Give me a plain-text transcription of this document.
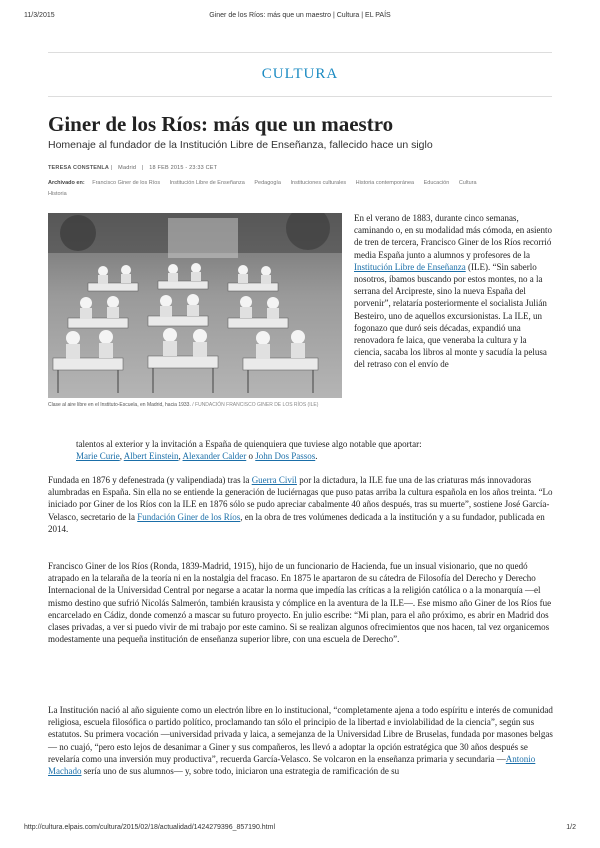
11/3/2015	Giner de los Ríos: más que un maestro | Cultura | EL PAÍS
CULTURA
Giner de los Ríos: más que un maestro
Homenaje al fundador de la Institución Libre de Enseñanza, fallecido hace un siglo
TERESA CONSTENLA | Madrid | 18 FEB 2015 - 23:33 CET
Archivado en: Francisco Giner de los Ríos Institución Libre de Enseñanza Pedagogía Instituciones culturales Historia contemporánea Educación Cultura
Historia
Clase al aire libre en el Instituto-Escuela, en Madrid, hacia 1933. / FUNDACIÓN FRANCISCO GINER DE LOS RÍOS (ILE)
En el verano de 1883, durante cinco semanas, caminando o, en su modalidad más cómoda, en asiento de tren de tercera, Francisco Giner de los Ríos recorrió media España junto a alumnos y profesores de la Institución Libre de Enseñanza (ILE). “Sin saberlo nosotros, íbamos buscando por estos montes, no a la serrana del Arcipreste, sino la nueva España del porvenir”, relataría posteriormente el socialista Julián Besteiro, uno de aquellos excursionistas. La ILE, un fogonazo que duró seis décadas, expandió una renovadora fe laica, que veneraba la cultura y la ciencia, sacaba los libros al monte y sacudía la pelusa del retraso con el envío de
talentos al exterior y la invitación a España de quienquiera que tuviese algo notable que aportar:
Marie Curie, Albert Einstein, Alexander Calder o John Dos Passos.
Fundada en 1876 y defenestrada (y valipendiada) tras la Guerra Civil por la dictadura, la ILE fue una de las criaturas más innovadoras alumbradas en España. Sin ella no se entiende la generación de luciérnagas que puso patas arriba la cultura española en los años treinta. “Lo iniciado por Giner de los Ríos con la ILE en 1876 sólo se pudo apreciar cabalmente 40 años después, tras su muerte”, sostiene José García-Velasco, secretario de la Fundación Giner de los Ríos, en la obra de tres volúmenes dedicada a la institución y a su fundador, publicada en 2014.
Francisco Giner de los Ríos (Ronda, 1839-Madrid, 1915), hijo de un funcionario de Hacienda, fue un insual visionario, que no quedó atrapado en la telaraña de la teoría ni en la nostalgia del fracaso. En 1875 le apartaron de su cátedra de Filosofía del Derecho y Derecho Internacional de la Universidad Central por negarse a acatar la norma que impedía las críticas a la religión católica o a la monarquía —el mismo destino que sufrió Nicolás Salmerón, también krausista y cómplice en la aventura de la ILE—. Ese mismo año Giner de los Ríos fue encarcelado en Cádiz, donde comenzó a mascar su futuro proyecto. En julio escribe: “Mi plan, para el año próximo, es abrir en Madrid dos clases privadas, a ver si puedo vivir de mi trabajo por este camino. Si se realizan algunos ofrecimientos que nos hacen, tal vez organicemos modestamente una pequeña institución de enseñanza superior libre, con una escuela de Derecho”.
La Institución nació al año siguiente como un electrón libre en lo institucional, “completamente ajena a todo espíritu e interés de comunidad religiosa, escuela filosófica o partido político, proclamando tan sólo el principio de la libertad e inviolabilidad de la ciencia”, según sus estatutos. Su primera vocación —universidad privada y laica, a semejanza de la Universidad Libre de Bruselas, fundada por masones belgas— no cuajó, “pero esto lejos de desanimar a Giner y sus compañeros, les llevó a adoptar la opción estratégica que 30 años después se revelaría como una inversión muy productiva”, recuerda García-Velasco. Se volcaron en la enseñanza primaria y secundaria —Antonio Machado sería uno de sus alumnos— y, sobre todo, iniciaron una estrategia de ramificación de su
http://cultura.elpais.com/cultura/2015/02/18/actualidad/1424279396_857190.html	1/2
